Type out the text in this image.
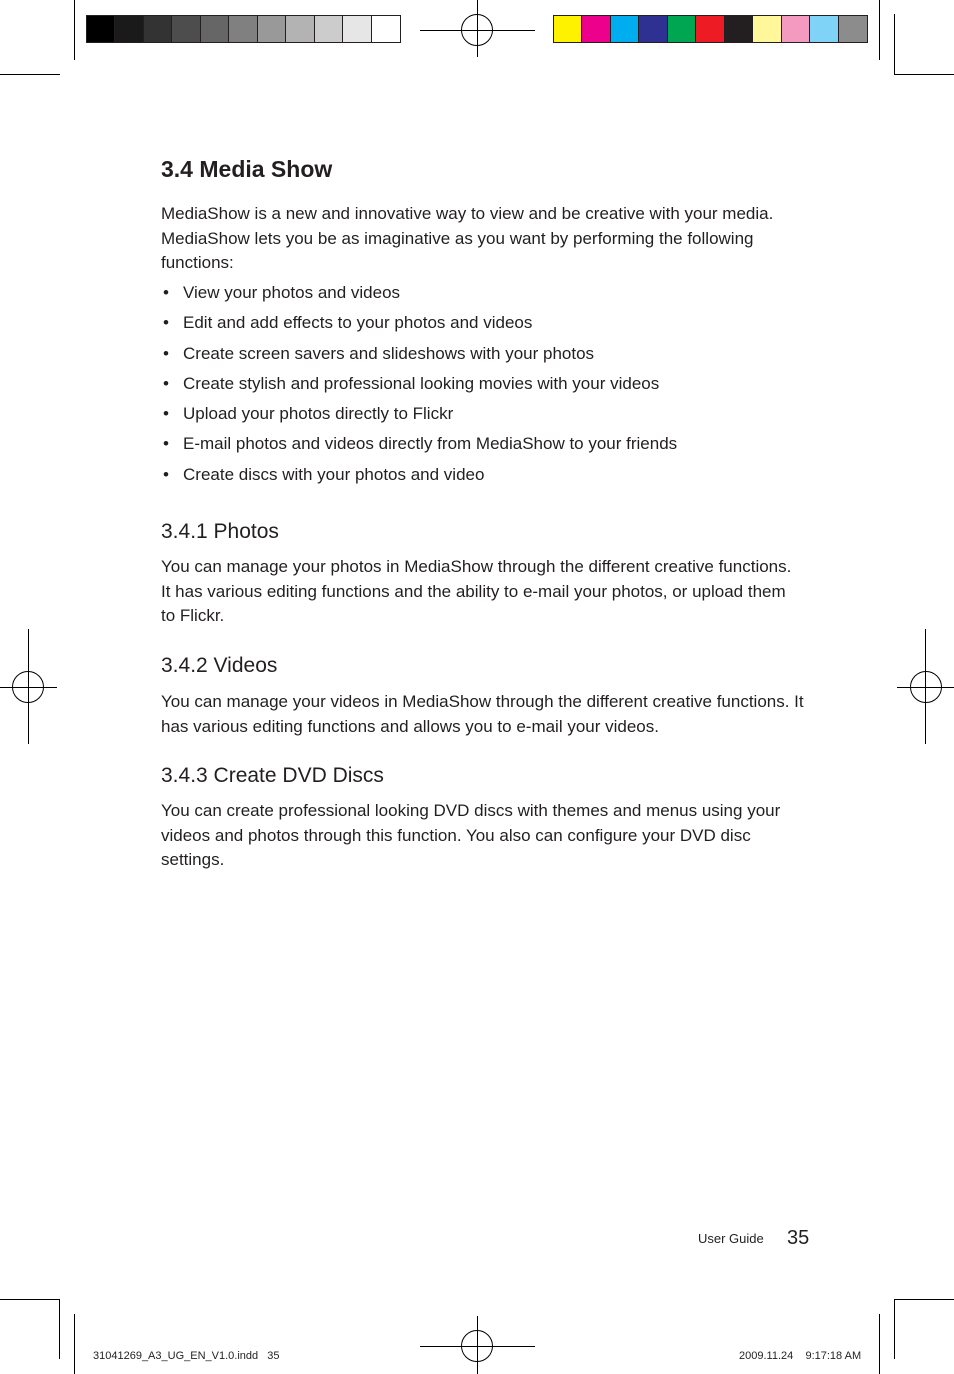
3.4 Media Show

MediaShow is a new and innovative way to view and be creative with your media. MediaShow lets you be as imaginative as you want by performing the following functions:

• View your photos and videos
• Edit and add effects to your photos and videos
• Create screen savers and slideshows with your photos
• Create stylish and professional looking movies with your videos
• Upload your photos directly to Flickr
• E-mail photos and videos directly from MediaShow to your friends
• Create discs with your photos and video
3.4.1 Photos

You can manage your photos in MediaShow through the different creative functions. It has various editing functions and the ability to e-mail your photos, or upload them to Flickr.

3.4.2 Videos

You can manage your videos in MediaShow through the different creative functions. It has various editing functions and allows you to e-mail your videos.

3.4.3 Create DVD Discs

You can create professional looking DVD discs with themes and menus using your videos and photos through this function. You also can configure your DVD disc settings.

User Guide 35
31041269_A3_UG_EN_V1.0.indd   35	2009.11.24    9:17:18 AM
